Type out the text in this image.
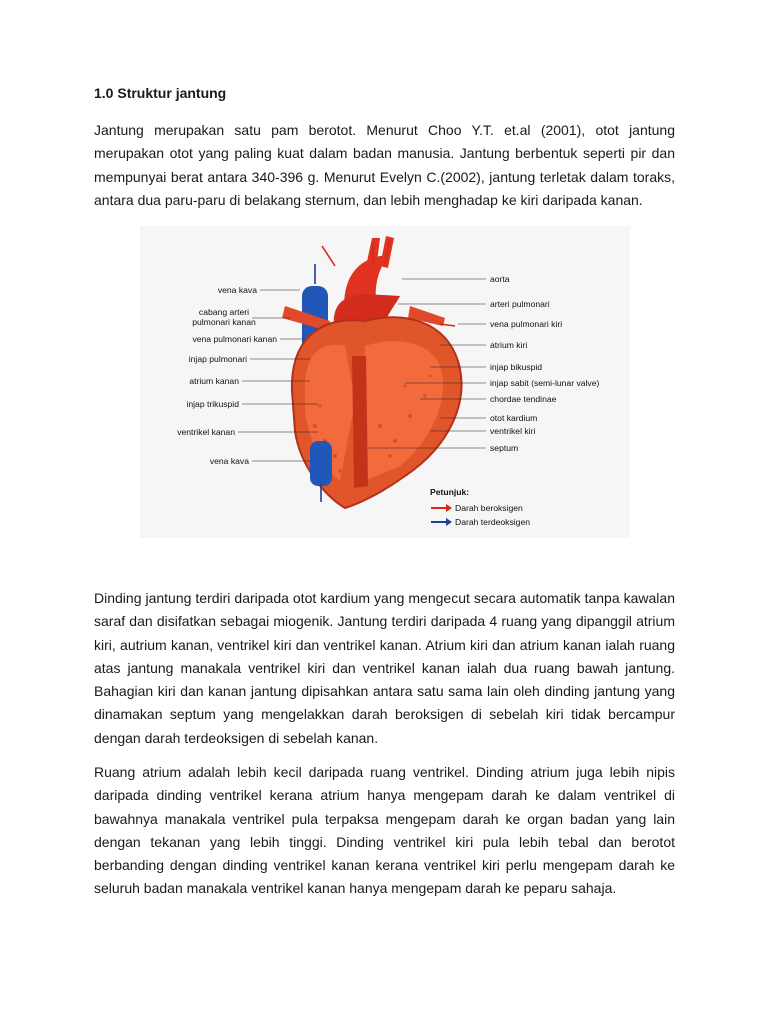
1.0 Struktur jantung

Jantung merupakan satu pam berotot. Menurut Choo Y.T. et.al (2001), otot jantung merupakan otot yang paling kuat dalam badan manusia. Jantung berbentuk seperti pir dan mempunyai berat antara 340-396 g. Menurut Evelyn C.(2002), jantung terletak dalam toraks, antara dua paru-paru di belakang sternum, dan lebih menghadap ke kiri daripada kanan.

vena kava
cabang arteri
pulmonari kanan
vena pulmonari kanan
injap pulmonari
atrium kanan
injap trikuspid
ventrikel kanan
vena kava
aorta
arteri pulmonari
vena pulmonari kiri
atrium kiri
injap bikuspid
injap sabit (semi-lunar valve)
chordae tendinae
otot kardium
ventrikel kiri
septum
Petunjuk:
Darah beroksigen
Darah terdeoksigen

Dinding jantung terdiri daripada otot kardium yang mengecut secara automatik tanpa kawalan saraf dan disifatkan sebagai miogenik. Jantung terdiri daripada 4 ruang yang dipanggil atrium kiri, autrium kanan, ventrikel kiri dan ventrikel kanan. Atrium kiri dan atrium kanan ialah ruang atas jantung manakala ventrikel kiri dan ventrikel kanan ialah dua ruang bawah jantung. Bahagian kiri dan kanan jantung dipisahkan antara satu sama lain oleh dinding jantung yang dinamakan septum yang mengelakkan darah beroksigen di sebelah kiri tidak bercampur dengan darah terdeoksigen di sebelah kanan.

Ruang atrium adalah lebih kecil daripada ruang ventrikel. Dinding atrium juga lebih nipis daripada dinding ventrikel kerana atrium hanya mengepam darah ke dalam ventrikel di bawahnya manakala ventrikel pula terpaksa mengepam darah ke organ badan yang lain dengan tekanan yang lebih tinggi. Dinding ventrikel kiri pula lebih tebal dan berotot berbanding dengan dinding ventrikel kanan kerana ventrikel kiri perlu mengepam darah ke seluruh badan manakala ventrikel kanan hanya mengepam darah ke peparu sahaja.
